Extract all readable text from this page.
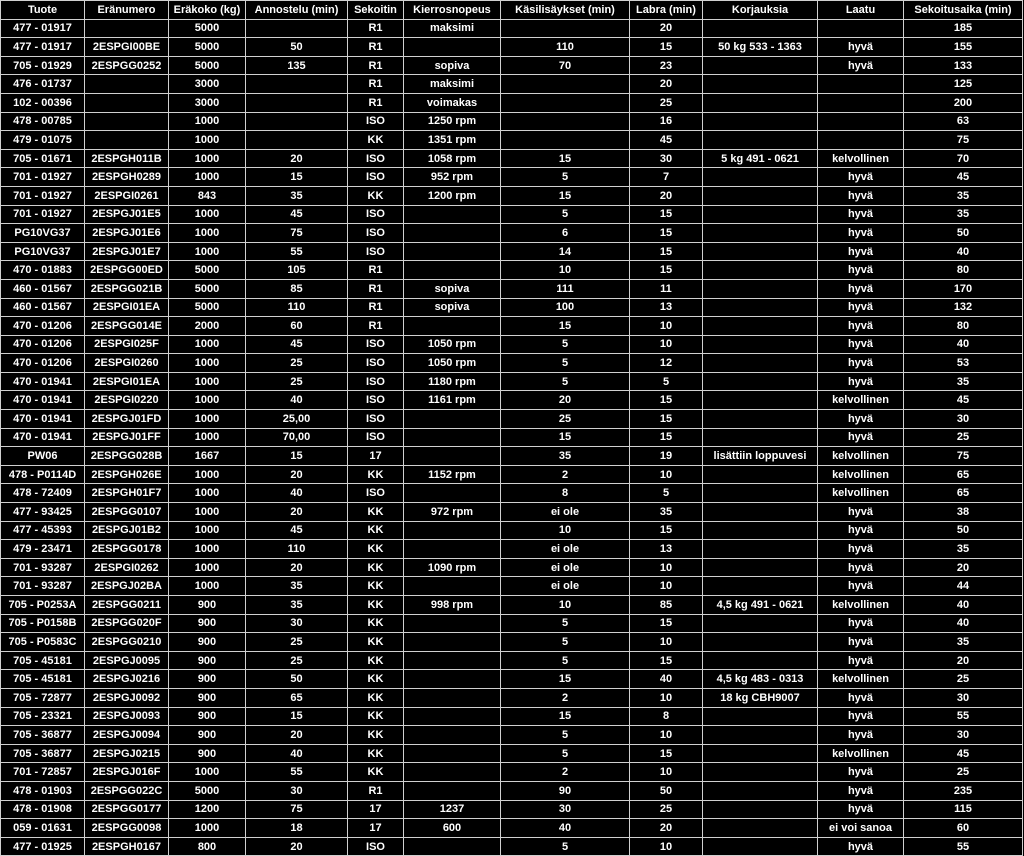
Tuote	Eränumero	Eräkoko (kg)	Annostelu (min)	Sekoitin	Kierrosnopeus	Käsilisäykset (min)	Labra (min)	Korjauksia	Laatu	Sekoitusaika (min)
477 - 01917		5000		R1	maksimi		20			185
477 - 01917	2ESPGI00BE	5000	50	R1		110	15	50 kg 533 - 1363	hyvä	155
705 - 01929	2ESPGG0252	5000	135	R1	sopiva	70	23		hyvä	133
476 - 01737		3000		R1	maksimi		20			125
102 - 00396		3000		R1	voimakas		25			200
478 - 00785		1000		ISO	1250 rpm		16			63
479 - 01075		1000		KK	1351 rpm		45			75
705 - 01671	2ESPGH011B	1000	20	ISO	1058 rpm	15	30	5 kg 491 - 0621	kelvollinen	70
701 - 01927	2ESPGH0289	1000	15	ISO	952 rpm	5	7		hyvä	45
701 - 01927	2ESPGI0261	843	35	KK	1200 rpm	15	20		hyvä	35
701 - 01927	2ESPGJ01E5	1000	45	ISO		5	15		hyvä	35
PG10VG37	2ESPGJ01E6	1000	75	ISO		6	15		hyvä	50
PG10VG37	2ESPGJ01E7	1000	55	ISO		14	15		hyvä	40
470 - 01883	2ESPGG00ED	5000	105	R1		10	15		hyvä	80
460 - 01567	2ESPGG021B	5000	85	R1	sopiva	111	11		hyvä	170
460 - 01567	2ESPGI01EA	5000	110	R1	sopiva	100	13		hyvä	132
470 - 01206	2ESPGG014E	2000	60	R1		15	10		hyvä	80
470 - 01206	2ESPGI025F	1000	45	ISO	1050 rpm	5	10		hyvä	40
470 - 01206	2ESPGI0260	1000	25	ISO	1050 rpm	5	12		hyvä	53
470 - 01941	2ESPGI01EA	1000	25	ISO	1180 rpm	5	5		hyvä	35
470 - 01941	2ESPGI0220	1000	40	ISO	1161 rpm	20	15		kelvollinen	45
470 - 01941	2ESPGJ01FD	1000	25,00	ISO		25	15		hyvä	30
470 - 01941	2ESPGJ01FF	1000	70,00	ISO		15	15		hyvä	25
PW06	2ESPGG028B	1667	15	17		35	19	lisättiin loppuvesi	kelvollinen	75
478 - P0114D	2ESPGH026E	1000	20	KK	1152 rpm	2	10		kelvollinen	65
478 - 72409	2ESPGH01F7	1000	40	ISO		8	5		kelvollinen	65
477 - 93425	2ESPGG0107	1000	20	KK	972 rpm	ei ole	35		hyvä	38
477 - 45393	2ESPGJ01B2	1000	45	KK		10	15		hyvä	50
479 - 23471	2ESPGG0178	1000	110	KK		ei ole	13		hyvä	35
701 - 93287	2ESPGI0262	1000	20	KK	1090 rpm	ei ole	10		hyvä	20
701 - 93287	2ESPGJ02BA	1000	35	KK		ei ole	10		hyvä	44
705 - P0253A	2ESPGG0211	900	35	KK	998 rpm	10	85	4,5 kg 491 - 0621	kelvollinen	40
705 - P0158B	2ESPGG020F	900	30	KK		5	15		hyvä	40
705 - P0583C	2ESPGG0210	900	25	KK		5	10		hyvä	35
705 - 45181	2ESPGJ0095	900	25	KK		5	15		hyvä	20
705 - 45181	2ESPGJ0216	900	50	KK		15	40	4,5 kg 483 - 0313	kelvollinen	25
705 - 72877	2ESPGJ0092	900	65	KK		2	10	18 kg CBH9007	hyvä	30
705 - 23321	2ESPGJ0093	900	15	KK		15	8		hyvä	55
705 - 36877	2ESPGJ0094	900	20	KK		5	10		hyvä	30
705 - 36877	2ESPGJ0215	900	40	KK		5	15		kelvollinen	45
701 - 72857	2ESPGJ016F	1000	55	KK		2	10		hyvä	25
478 - 01903	2ESPGG022C	5000	30	R1		90	50		hyvä	235
478 - 01908	2ESPGG0177	1200	75	17	1237	30	25		hyvä	115
059 - 01631	2ESPGG0098	1000	18	17	600	40	20		ei voi sanoa	60
477 - 01925	2ESPGH0167	800	20	ISO		5	10		hyvä	55
